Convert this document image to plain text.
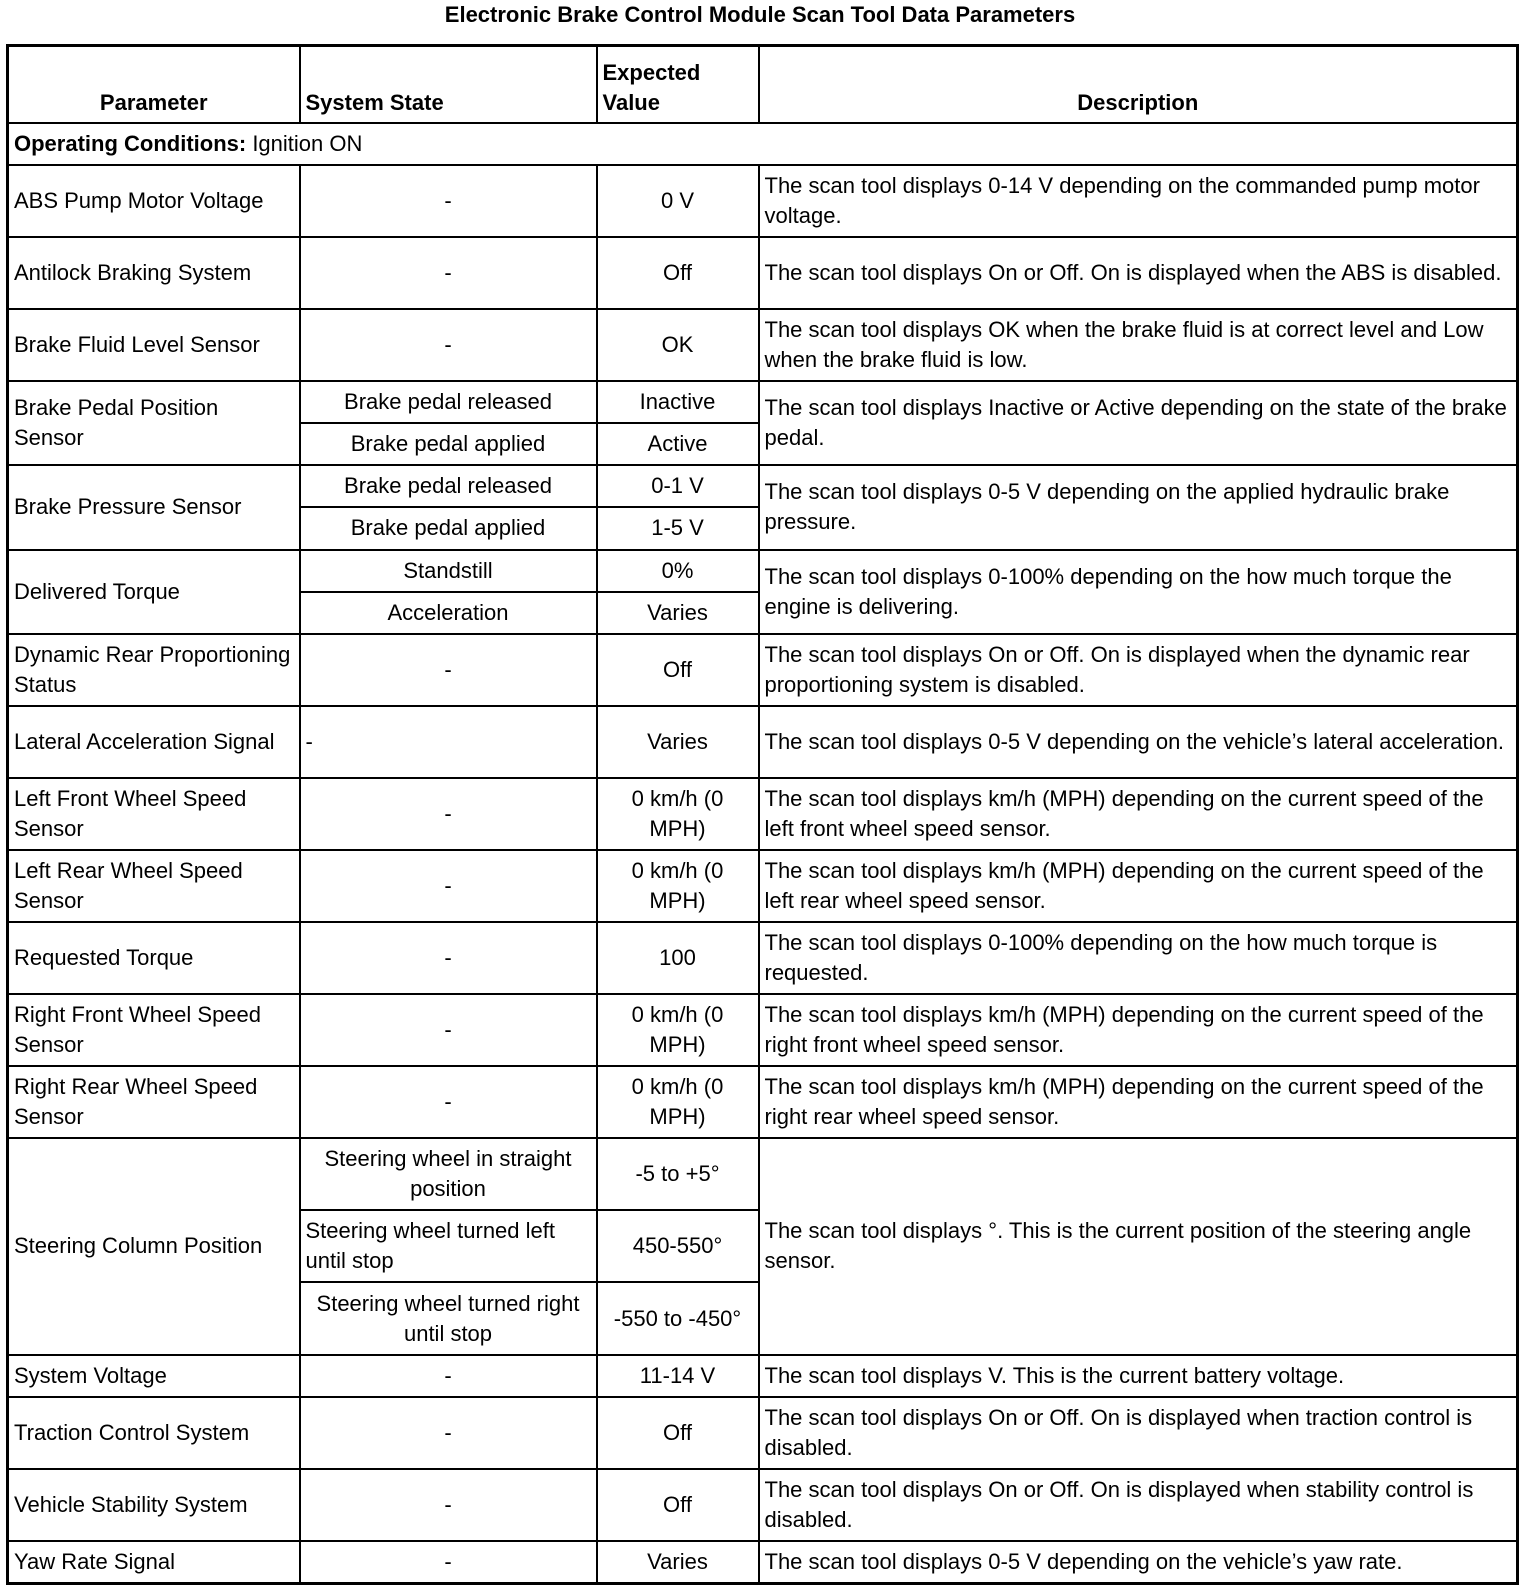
Electronic Brake Control Module Scan Tool Data Parameters
Parameter	System State	Expected Value	Description
Operating Conditions: Ignition ON			
ABS Pump Motor Voltage	-	0 V	The scan tool displays 0-14 V depending on the commanded pump motor voltage.
Antilock Braking System	-	Off	The scan tool displays On or Off. On is displayed when the ABS is disabled.
Brake Fluid Level Sensor	-	OK	The scan tool displays OK when the brake fluid is at correct level and Low when the brake fluid is low.
Brake Pedal Position Sensor	Brake pedal released	Inactive	The scan tool displays Inactive or Active depending on the state of the brake pedal.
	Brake pedal applied	Active	
Brake Pressure Sensor	Brake pedal released	0-1 V	The scan tool displays 0-5 V depending on the applied hydraulic brake pressure.
	Brake pedal applied	1-5 V	
Delivered Torque	Standstill	0%	The scan tool displays 0-100% depending on the how much torque the engine is delivering.
	Acceleration	Varies	
Dynamic Rear Proportioning Status	-	Off	The scan tool displays On or Off. On is displayed when the dynamic rear proportioning system is disabled.
Lateral Acceleration Signal	-	Varies	The scan tool displays 0-5 V depending on the vehicle’s lateral acceleration.
Left Front Wheel Speed Sensor	-	0 km/h (0 MPH)	The scan tool displays km/h (MPH) depending on the current speed of the left front wheel speed sensor.
Left Rear Wheel Speed Sensor	-	0 km/h (0 MPH)	The scan tool displays km/h (MPH) depending on the current speed of the left rear wheel speed sensor.
Requested Torque	-	100	The scan tool displays 0-100% depending on the how much torque is requested.
Right Front Wheel Speed Sensor	-	0 km/h (0 MPH)	The scan tool displays km/h (MPH) depending on the current speed of the right front wheel speed sensor.
Right Rear Wheel Speed Sensor	-	0 km/h (0 MPH)	The scan tool displays km/h (MPH) depending on the current speed of the right rear wheel speed sensor.
Steering Column Position	Steering wheel in straight position	-5 to +5°	The scan tool displays °. This is the current position of the steering angle sensor.
	Steering wheel turned left until stop	450-550°	
	Steering wheel turned right until stop	-550 to -450°	
System Voltage	-	11-14 V	The scan tool displays V. This is the current battery voltage.
Traction Control System	-	Off	The scan tool displays On or Off. On is displayed when traction control is disabled.
Vehicle Stability System	-	Off	The scan tool displays On or Off. On is displayed when stability control is disabled.
Yaw Rate Signal	-	Varies	The scan tool displays 0-5 V depending on the vehicle’s yaw rate.
